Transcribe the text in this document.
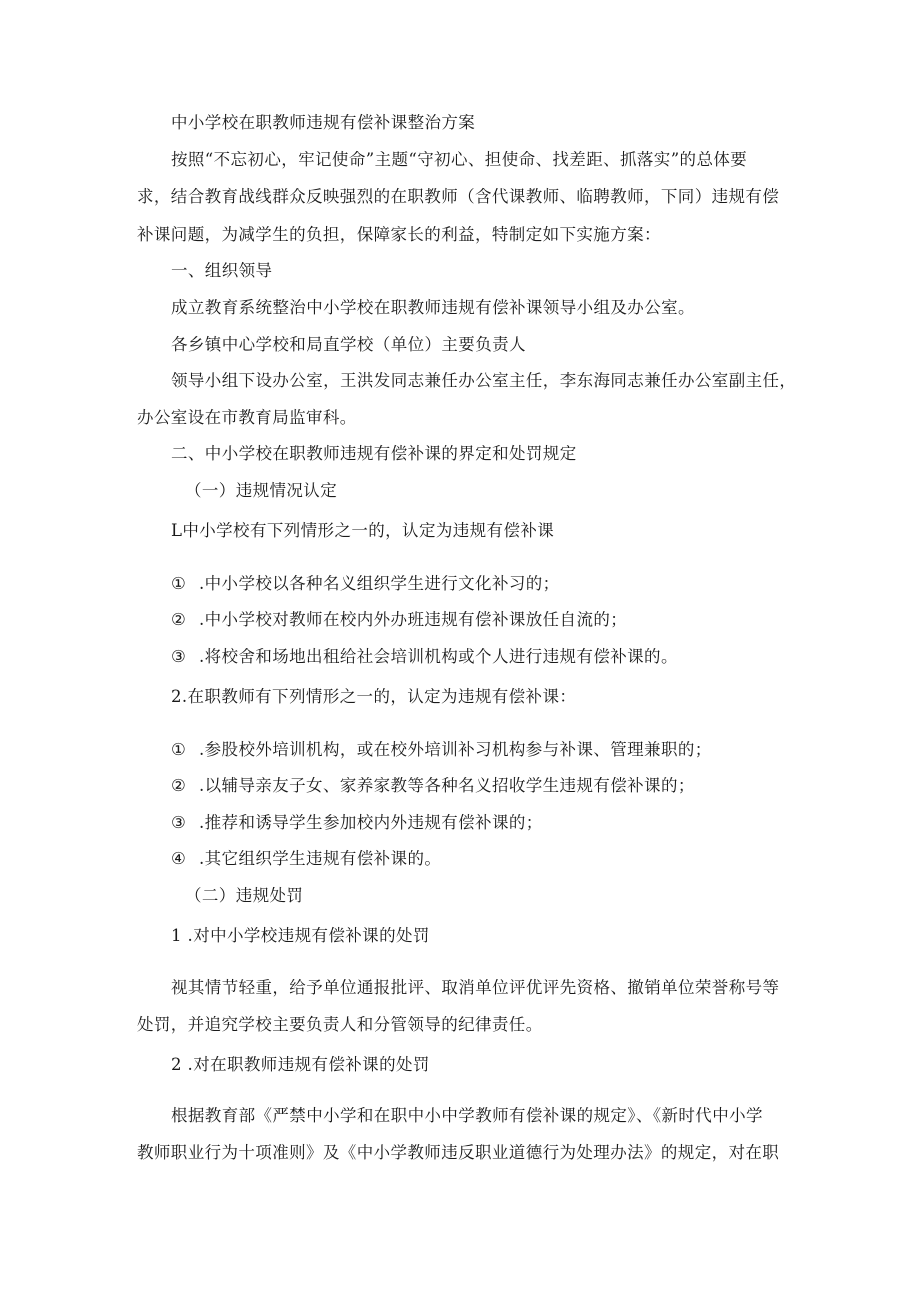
中小学校在职教师违规有偿补课整治方案
按照“不忘初心，牢记使命”主题“守初心、担使命、找差距、抓落实”的总体要
求，结合教育战线群众反映强烈的在职教师（含代课教师、临聘教师，下同）违规有偿
补课问题，为减学生的负担，保障家长的利益，特制定如下实施方案：
一、组织领导
成立教育系统整治中小学校在职教师违规有偿补课领导小组及办公室。
各乡镇中心学校和局直学校（单位）主要负责人
领导小组下设办公室，王洪发同志兼任办公室主任，李东海同志兼任办公室副主任，
办公室设在市教育局监审科。
二、中小学校在职教师违规有偿补课的界定和处罚规定
（一）违规情况认定
L中小学校有下列情形之一的，认定为违规有偿补课
① .中小学校以各种名义组织学生进行文化补习的；
② .中小学校对教师在校内外办班违规有偿补课放任自流的；
③ .将校舍和场地出租给社会培训机构或个人进行违规有偿补课的。
2.在职教师有下列情形之一的，认定为违规有偿补课：
① .参股校外培训机构，或在校外培训补习机构参与补课、管理兼职的；
② .以辅导亲友子女、家养家教等各种名义招收学生违规有偿补课的；
③ .推荐和诱导学生参加校内外违规有偿补课的；
④ .其它组织学生违规有偿补课的。
（二）违规处罚
1 .对中小学校违规有偿补课的处罚
视其情节轻重，给予单位通报批评、取消单位评优评先资格、撤销单位荣誉称号等
处罚，并追究学校主要负责人和分管领导的纪律责任。
2 .对在职教师违规有偿补课的处罚
根据教育部《严禁中小学和在职中小中学教师有偿补课的规定》、《新时代中小学
教师职业行为十项准则》及《中小学教师违反职业道德行为处理办法》的规定，对在职
